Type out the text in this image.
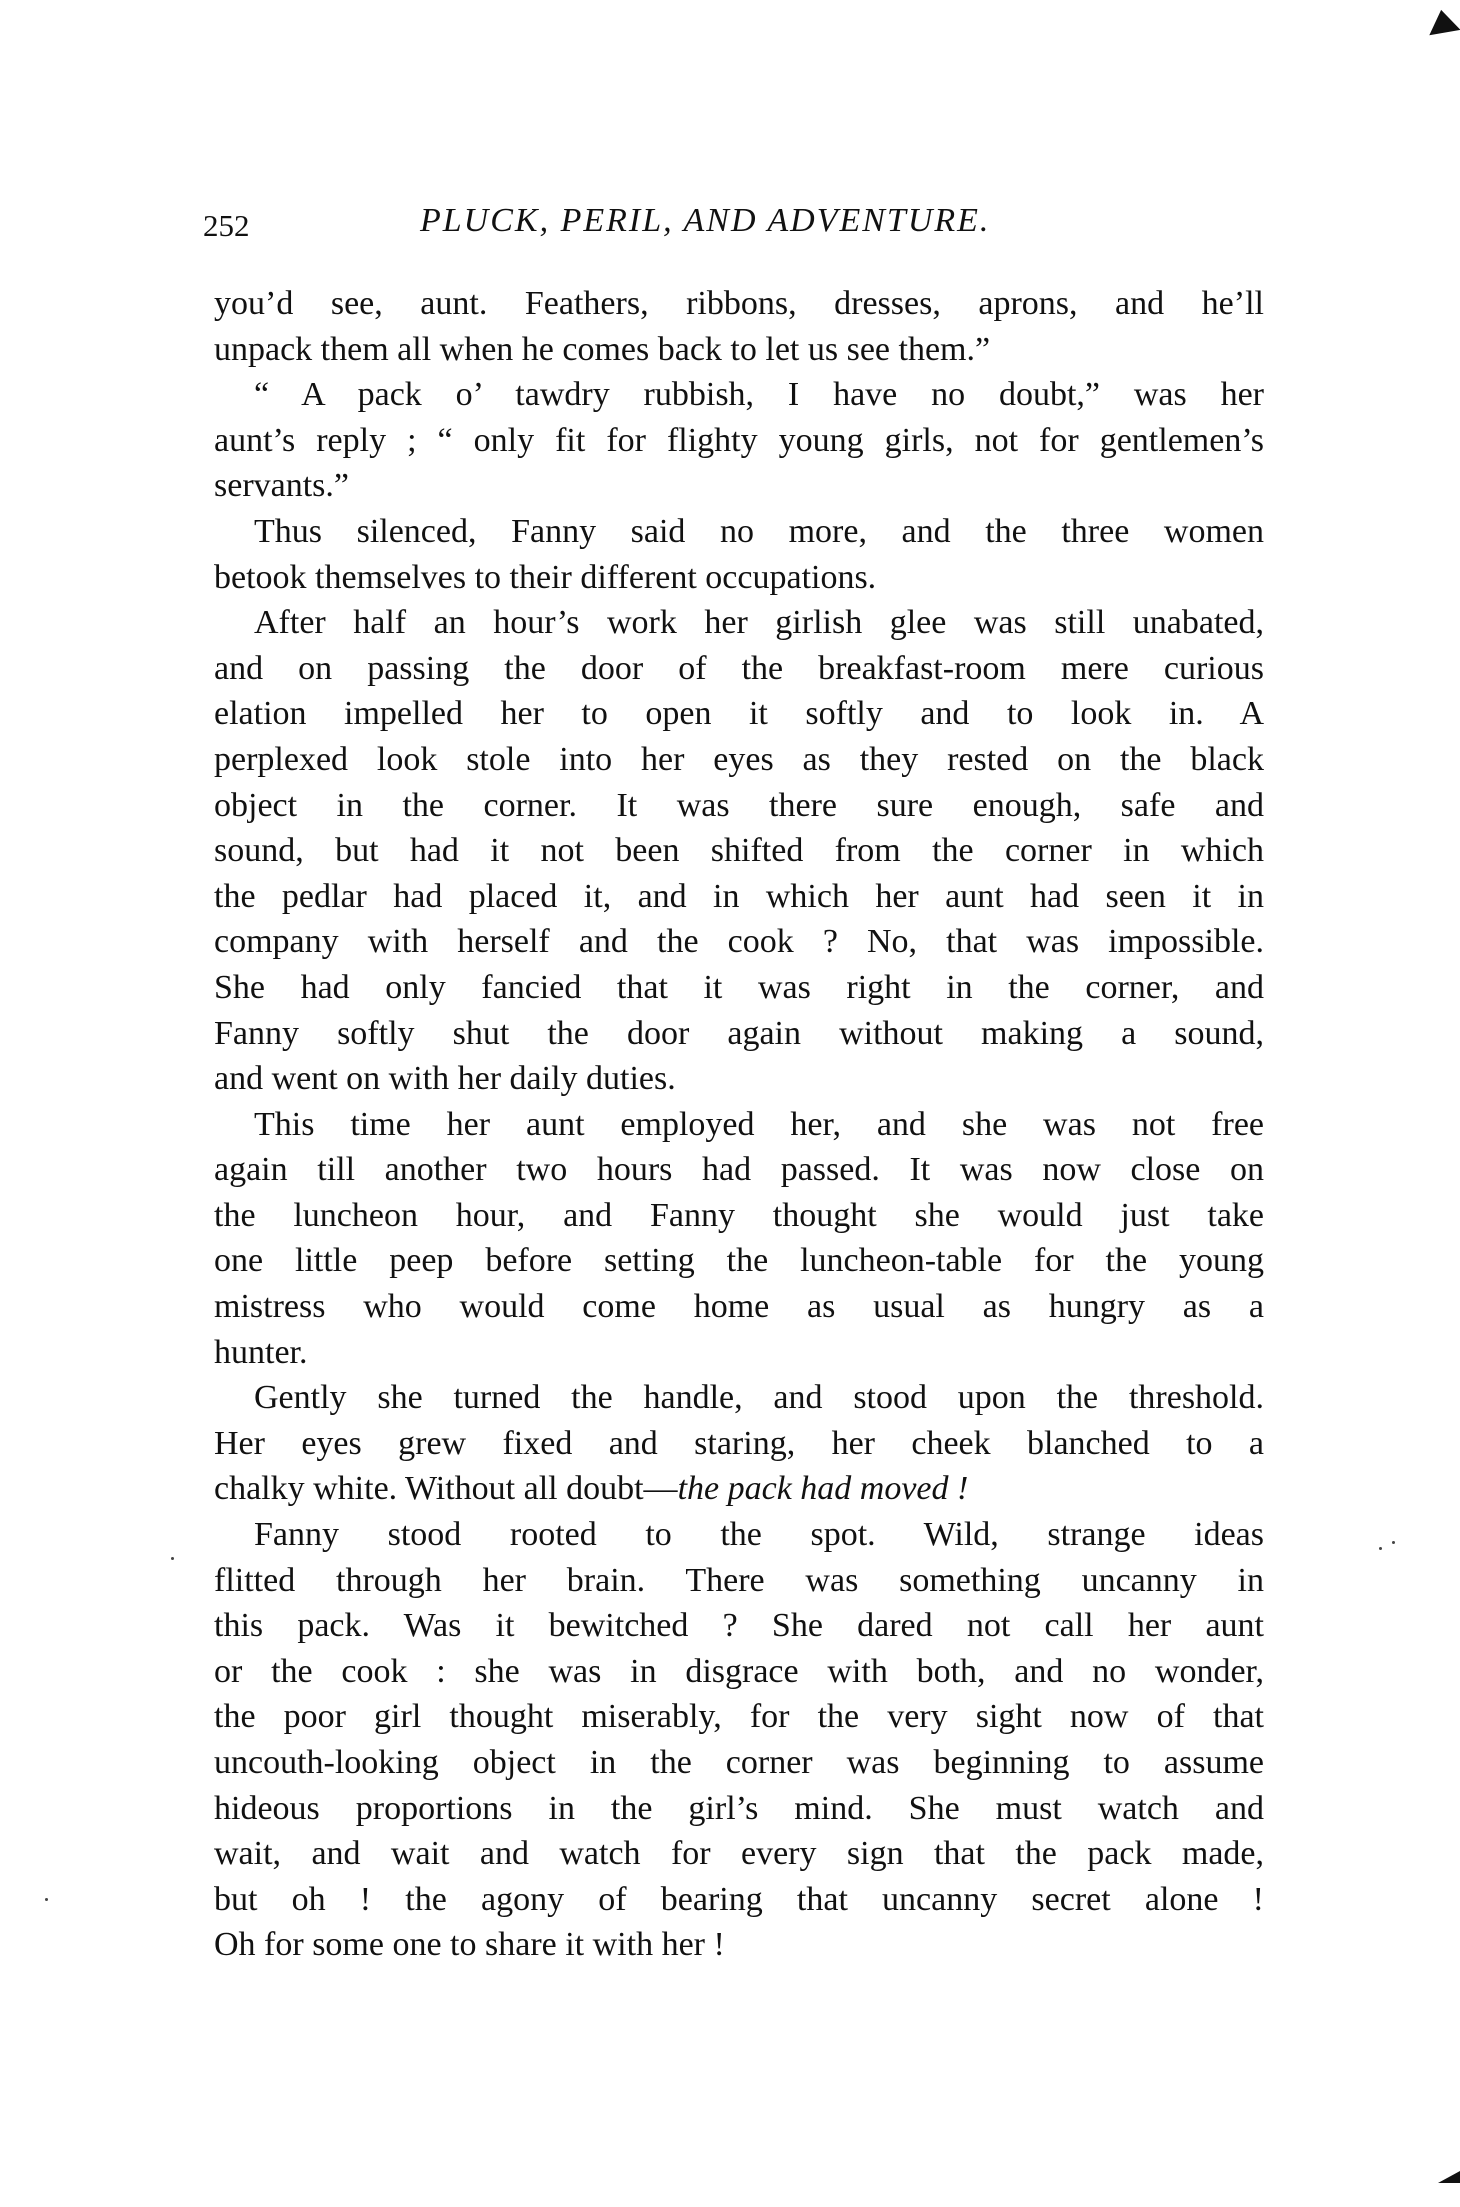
252	PLUCK, PERIL, AND ADVENTURE.
you’d see, aunt. Feathers, ribbons, dresses, aprons, and he’ll
unpack them all when he comes back to let us see them.”
“ A pack o’ tawdry rubbish, I have no doubt,” was her
aunt’s reply ; “ only fit for flighty young girls, not for gentlemen’s
servants.”
Thus silenced, Fanny said no more, and the three women
betook themselves to their different occupations.
After half an hour’s work her girlish glee was still unabated,
and on passing the door of the breakfast-room mere curious
elation impelled her to open it softly and to look in. A
perplexed look stole into her eyes as they rested on the black
object in the corner. It was there sure enough, safe and
sound, but had it not been shifted from the corner in which
the pedlar had placed it, and in which her aunt had seen it in
company with herself and the cook ? No, that was impossible.
She had only fancied that it was right in the corner, and
Fanny softly shut the door again without making a sound,
and went on with her daily duties.
This time her aunt employed her, and she was not free
again till another two hours had passed. It was now close on
the luncheon hour, and Fanny thought she would just take
one little peep before setting the luncheon-table for the young
mistress who would come home as usual as hungry as a
hunter.
Gently she turned the handle, and stood upon the threshold.
Her eyes grew fixed and staring, her cheek blanched to a
chalky white. Without all doubt—the pack had moved !
Fanny stood rooted to the spot. Wild, strange ideas
flitted through her brain. There was something uncanny in
this pack. Was it bewitched ? She dared not call her aunt
or the cook : she was in disgrace with both, and no wonder,
the poor girl thought miserably, for the very sight now of that
uncouth-looking object in the corner was beginning to assume
hideous proportions in the girl’s mind. She must watch and
wait, and wait and watch for every sign that the pack made,
but oh ! the agony of bearing that uncanny secret alone !
Oh for some one to share it with her !
